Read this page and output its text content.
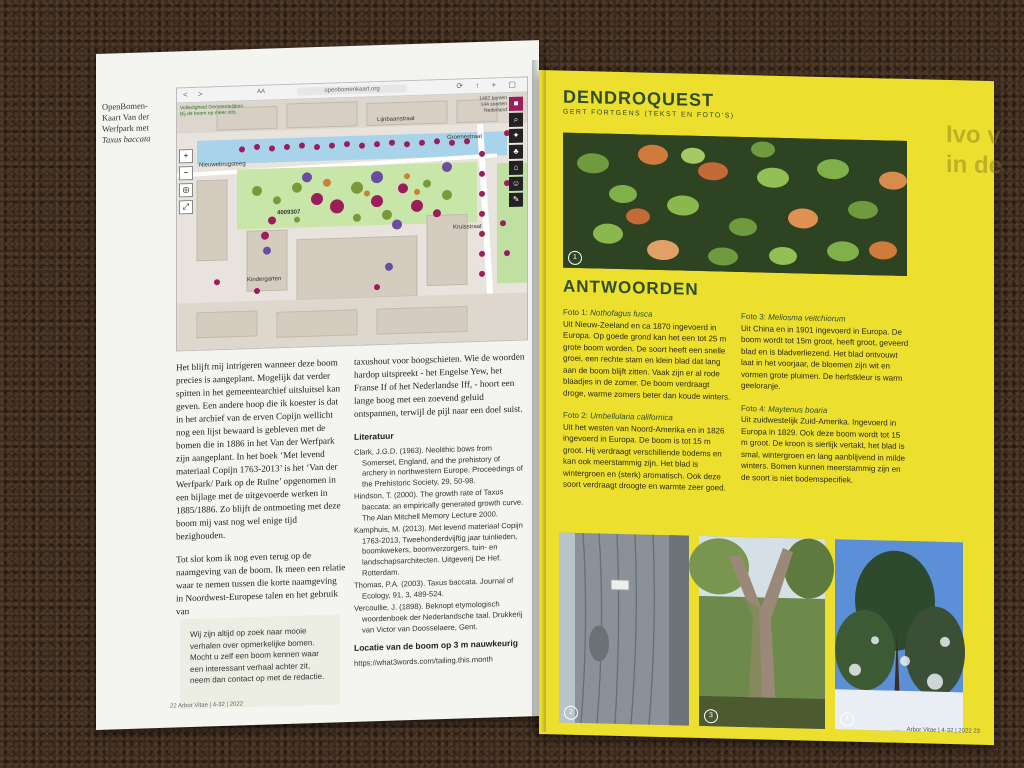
OpenBomen-
Kaart Van der
Werfpark met
Taxus baccata
< >	AA	openbomenkaart.org	⟳ ↑ + ▢
Volledigheid Gemeentelijken
Bij de boom op meer info.
1487 bomen
144 soorten
Nederland
Nieuwebrugsteeg
Lijnbaanstraat
Groenestraat
Kruisstraat
Kindergarten
4009307
+
−
◎
⤢
■
⌕
✦
♣
⌂
☺
✎

Het blijft mij intrigeren wanneer deze boom precies is aangeplant. Mogelijk dat verder spitten in het gemeentearchief uitsluitsel kan geven. Een andere hoop die ik koester is dat in het archief van de erven Copijn wellicht nog een lijst bewaard is gebleven met de bomen die in 1886 in het Van der Werfpark zijn aangeplant. In het boek ‘Met levend materiaal Copijn 1763-2013’ is het ‘Van der Werfpark/ Park op de Ruïne’ opgenomen in een bijlage met de uitgevoerde werken in 1885/1886. Zo blijft de ontmoeting met deze boom mij vast nog wel enige tijd bezighouden.

Tot slot kom ik nog even terug op de naamgeving van de boom. Ik meen een relatie waar te nemen tussen die korte naamgeving in Noordwest-Europese talen en het gebruik van

taxushout voor boogschieten. Wie de woorden hardop uitspreekt - het Engelse Yew, het Franse If of het Nederlandse Iff, - hoort een lange boog met een zoevend geluid ontspannen, terwijl de pijl naar een doel suist.

Literatuur
Clark, J.G.D. (1963). Neolithic bows from Somerset, England, and the prehistory of archery in northwestern Europe. Proceedings of the Prehistoric Society, 29, 50-98.
Hindson, T. (2000). The growth rate of Taxus baccata: an empirically generated growth curve. The Alan Mitchell Memory Lecture 2000.
Kamphuis, M. (2013). Met levend materiaal Copijn 1763-2013, Tweehonderdvijftig jaar tuinlieden, boomkwekers, boomverzorgers, tuin- en landschapsarchitecten. Uitgeverij De Hef. Rotterdam.
Thomas, P.A. (2003). Taxus baccata. Journal of Ecology, 91, 3, 489-524.
Vercoullie, J. (1898). Beknopt etymologisch woordenboek der Nederlandsche taal. Drukkerij van Victor van Doosselaere, Gent.
Locatie van de boom op 3 m nauwkeurig
https://what3words.com/tailing.this.month
Wij zijn altijd op zoek naar mooie verhalen over opmerkelijke bomen. Mocht u zelf een boom kennen waar een interessant verhaal achter zit, neem dan contact op met de redactie.
22 Arbor Vitae | 4-32 | 2022
DENDROQUEST
GERT FORTGENS (TEKST EN FOTO’S)
Ivo v
in de
1
ANTWOORDEN

Foto 1: Nothofagus fusca
Uit Nieuw-Zeeland en ca 1870 ingevoerd in Europa. Op goede grond kan het een tot 25 m grote boom worden. De soort heeft een snelle groei, een rechte stam en klein blad dat lang aan de boom blijft zitten. Vaak zijn er al rode blaadjes in de zomer. De boom verdraagt droge, warme zomers beter dan koude winters.

Foto 2: Umbellularia californica
Uit het westen van Noord-Amerika en in 1826 ingevoerd in Europa. De boom is tot 15 m groot. Hij verdraagt verschillende bodems en kan ook meerstammig zijn. Het blad is wintergroen en (sterk) aromatisch. Ook deze soort verdraagt droogte en warmte zeer goed.

Foto 3: Meliosma veitchiorum
Uit China en in 1901 ingevoerd in Europa. De boom wordt tot 15m groot, heeft groot, geveerd blad en is bladverliezend. Het blad ontvouwt laat in het voorjaar, de bloemen zijn wit en vormen grote pluimen. De herfstkleur is warm geeloranje.

Foto 4: Maytenus boaria
Uit zuidwestelijk Zuid-Amerika. Ingevoerd in Europa in 1829. Ook deze boom wordt tot 15 m groot. De kroon is sierlijk vertakt, het blad is smal, wintergroen en lang aanblijvend in milde winters. Bomen kunnen meerstammig zijn en de soort is niet bodemspecifiek.

2	3	4
Arbor Vitae | 4-32 | 2022 23
